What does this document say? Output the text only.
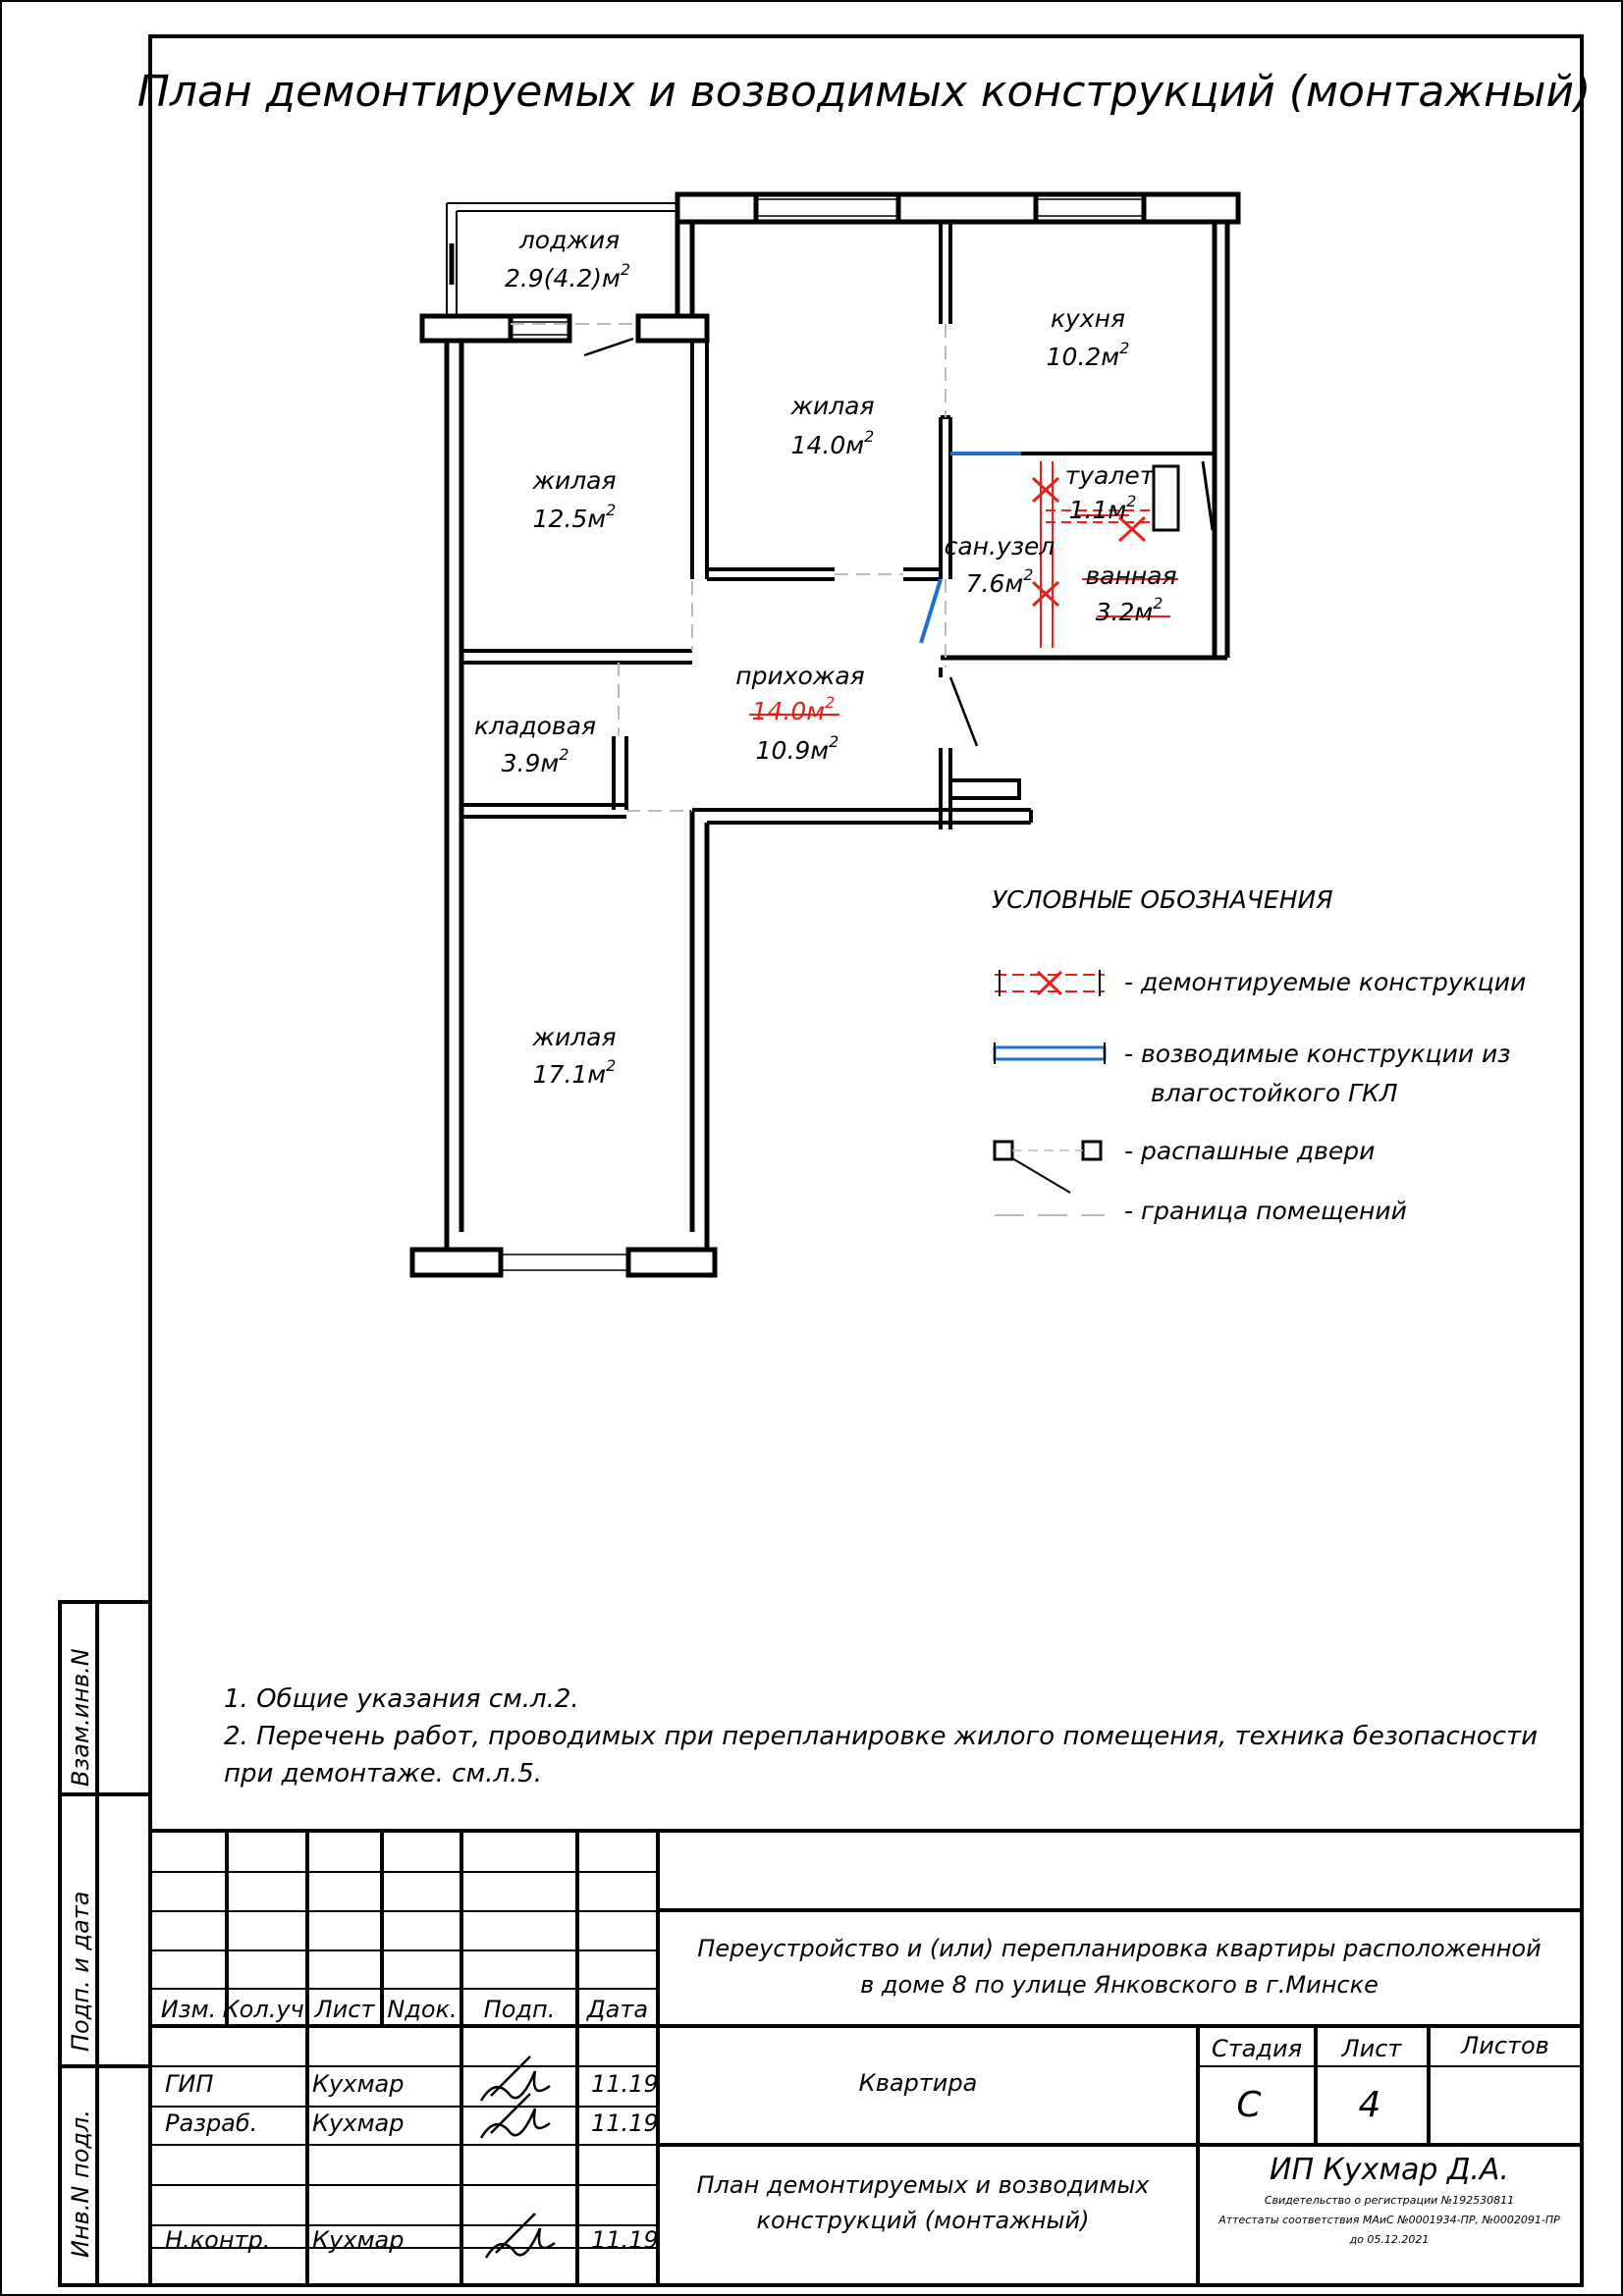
План демонтируемых и возводимых конструкций (монтажный)
лоджия
$2.9(4.2)м^2$
жилая
$12.5м^2$
жилая
$14.0м^2$
кухня
$10.2м^2$
туалет
$1.1м^2$
сан.узел
$7.6м^2$ ванная
$3.2м^2$
прихожая
$14.0м^2$
$10.9м^2$
кладовая
$3.9м^2$
жилая
$17.1м^2$
УСЛОВНЫЕ ОБОЗНАЧЕНИЯ
- демонтируемые конструкции
- возводимые конструкции из
влагостойкого ГКЛ
- распашные двери
- граница помещений
1. Общие указания см.л.2.
2. Перечень работ, проводимых при перепланировке жилого помещения, техника безопасности
при демонтаже. см.л.5.
Взам.инв.N
Подп. и дата
Инв.N подл.
Изм. Кол.уч. Лист Nдок. Подп. Дата
ГИП	Кухмар	11.19
Разраб. Кухмар	11.19
Н.контр. Кухмар	11.19
Переустройство и (или) перепланировка квартиры расположенной
в доме 8 по улице Янковского в г.Минске
Квартира
План демонтируемых и возводимых
конструкций (монтажный)
Стадия Лист	Листов
С	4
ИП Кухмар Д.А.
Свидетельство о регистрации №192530811
Аттестаты соответствия МАиС №0001934-ПР, №0002091-ПР
до 05.12.2021
